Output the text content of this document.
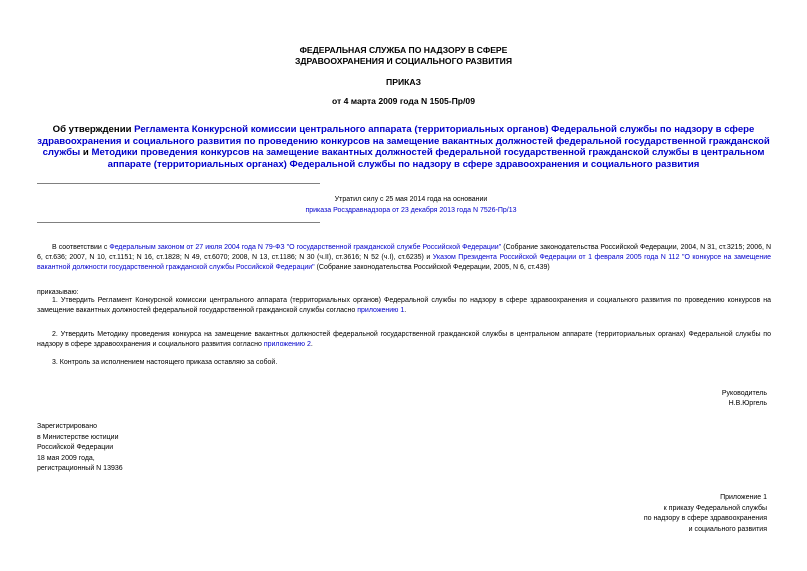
ФЕДЕРАЛЬНАЯ СЛУЖБА ПО НАДЗОРУ В СФЕРЕ
ЗДРАВООХРАНЕНИЯ И СОЦИАЛЬНОГО РАЗВИТИЯ
ПРИКАЗ
от 4 марта 2009 года N 1505-Пр/09
Об утверждении Регламента Конкурсной комиссии центрального аппарата (территориальных органов) Федеральной службы по надзору в сфере здравоохранения и социального развития по проведению конкурсов на замещение вакантных должностей федеральной государственной гражданской службы и Методики проведения конкурсов на замещение вакантных должностей федеральной государственной гражданской службы в центральном аппарате (территориальных органах) Федеральной службы по надзору в сфере здравоохранения и социального развития
Утратил силу с 25 мая 2014 года на основании
приказа Росздравнадзора от 23 декабря 2013 года N 7526-Пр/13
В соответствии с Федеральным законом от 27 июля 2004 года N 79-ФЗ "О государственной гражданской службе Российской Федерации" (Собрание законодательства Российской Федерации, 2004, N 31, ст.3215; 2006, N 6, ст.636; 2007, N 10, ст.1151; N 16, ст.1828; N 49, ст.6070; 2008, N 13, ст.1186; N 30 (ч.II), ст.3616; N 52 (ч.I), ст.6235) и Указом Президента Российской Федерации от 1 февраля 2005 года N 112 "О конкурсе на замещение вакантной должности государственной гражданской службы Российской Федерации" (Собрание законодательства Российской Федерации, 2005, N 6, ст.439)
приказываю:
1. Утвердить Регламент Конкурсной комиссии центрального аппарата (территориальных органов) Федеральной службы по надзору в сфере здравоохранения и социального развития по проведению конкурсов на замещение вакантных должностей федеральной государственной гражданской службы согласно приложению 1.
2. Утвердить Методику проведения конкурса на замещение вакантных должностей федеральной государственной гражданской службы в центральном аппарате (территориальных органах) Федеральной службы по надзору в сфере здравоохранения и социального развития согласно приложению 2.
3. Контроль за исполнением настоящего приказа оставляю за собой.
Руководитель
Н.В.Юргель
Зарегистрировано
в Министерстве юстиции
Российской Федерации
18 мая 2009 года,
регистрационный N 13936
Приложение 1
к приказу Федеральной службы
по надзору в сфере здравоохранения
и социального развития
